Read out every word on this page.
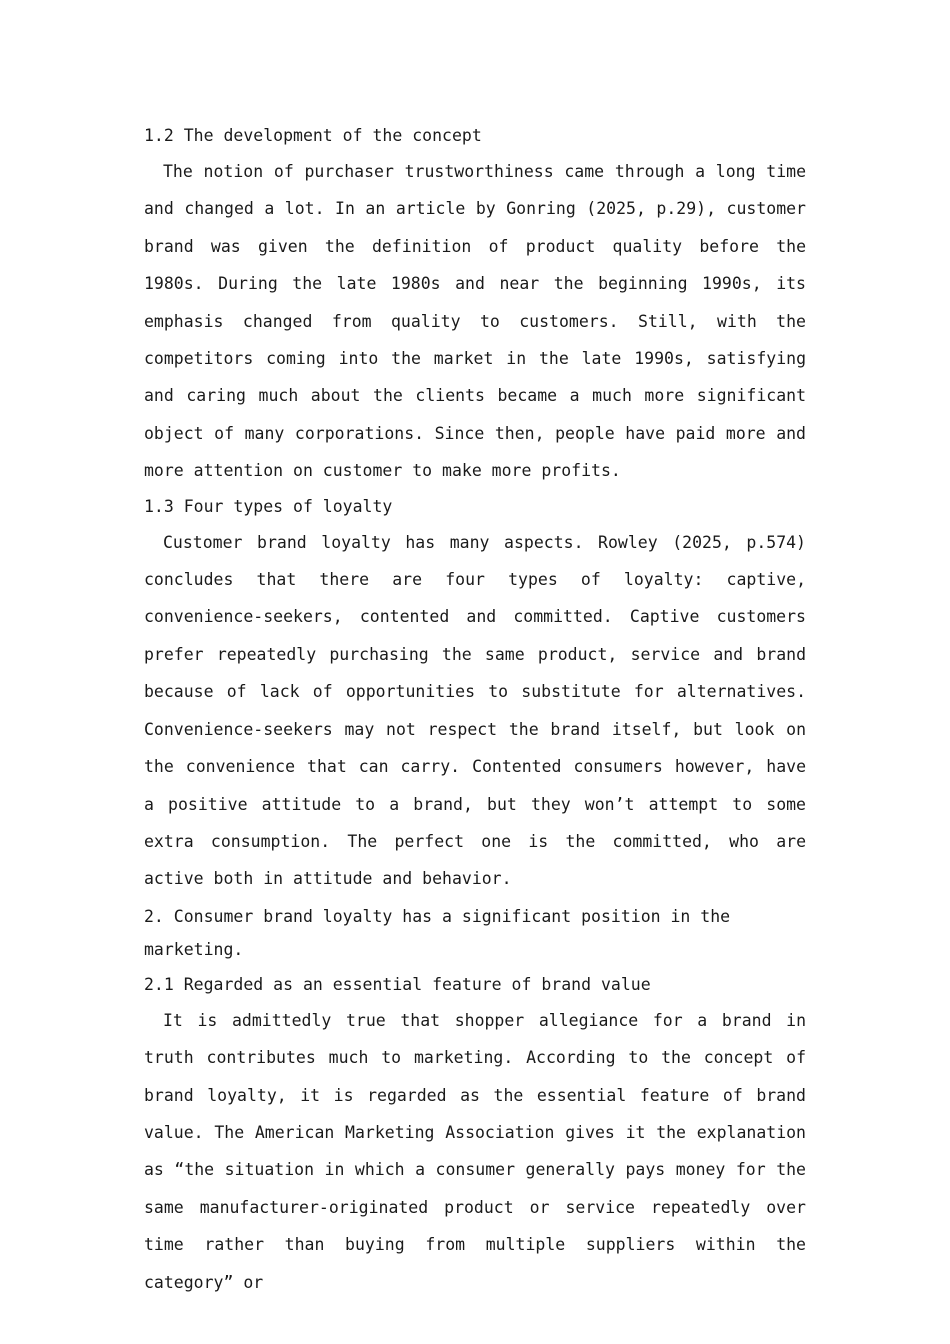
1.2 The development of the concept

The notion of purchaser trustworthiness came through a long time and changed a lot. In an article by Gonring (2025, p.29), customer brand was given the definition of product quality before the 1980s. During the late 1980s and near the beginning 1990s, its emphasis changed from quality to customers. Still, with the competitors coming into the market in the late 1990s, satisfying and caring much about the clients became a much more significant object of many corporations. Since then, people have paid more and more attention on customer to make more profits.

1.3 Four types of loyalty

Customer brand loyalty has many aspects. Rowley (2025, p.574) concludes that there are four types of loyalty: captive, convenience-seekers, contented and committed. Captive customers prefer repeatedly purchasing the same product, service and brand because of lack of opportunities to substitute for alternatives. Convenience-seekers may not respect the brand itself, but look on the convenience that can carry. Contented consumers however, have a positive attitude to a brand, but they won’t attempt to some extra consumption. The perfect one is the committed, who are active both in attitude and behavior.

2. Consumer brand loyalty has a significant position in the

marketing.

2.1 Regarded as an essential feature of brand value

It is admittedly true that shopper allegiance for a brand in truth contributes much to marketing. According to the concept of brand loyalty, it is regarded as the essential feature of brand value. The American Marketing Association gives it the explanation as “the situation in which a consumer generally pays money for the same manufacturer-originated product or service repeatedly over time rather than buying from multiple suppliers within the category” or
